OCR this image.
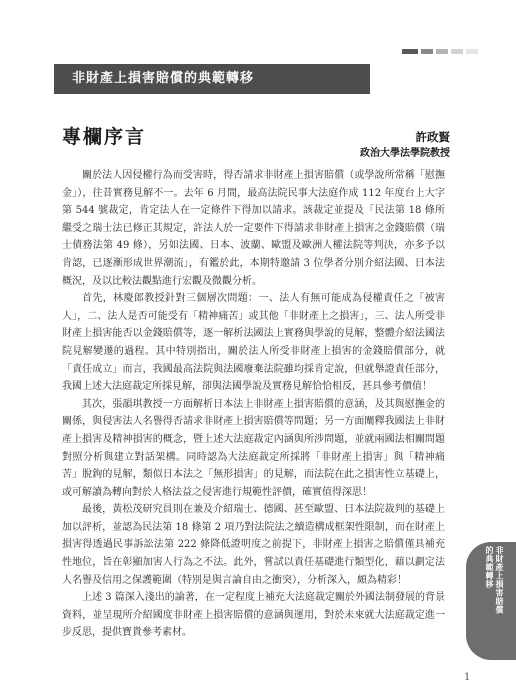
非財產上損害賠償的典範轉移
專欄序言	許政賢
政治大學法學院教授

關於法人因侵權行為而受害時，得否請求非財產上損害賠償（或學說所常稱「慰撫金」），往昔實務見解不一。去年 6 月間，最高法院民事大法庭作成 112 年度台上大字第 544 號裁定，肯定法人在一定條件下得加以請求。該裁定並提及「民法第 18 條所繼受之瑞士法已修正其規定，許法人於一定要件下得請求非財產上損害之金錢賠償（瑞士債務法第 49 條），另如法國、日本、波蘭、歐盟及歐洲人權法院等判決，亦多予以肯認，已逐漸形成世界潮流」，有鑑於此，本期特邀請 3 位學者分別介紹法國、日本法概況，及以比較法觀點進行宏觀及微觀分析。

首先，林慶郎教授針對三個層次問題：一、法人有無可能成為侵權責任之「被害人」，二、法人是否可能受有「精神痛苦」或其他「非財產上之損害」，三、法人所受非財產上損害能否以金錢賠償等，逐一解析法國法上實務與學說的見解，整體介紹法國法院見解變遷的過程。其中特別指出，關於法人所受非財產上損害的金錢賠償部分，就「責任成立」而言，我國最高法院與法國廢棄法院雖均採肯定說，但就舉證責任部分，我國上述大法庭裁定所採見解，卻與法國學說及實務見解恰恰相反，甚具參考價值！

其次，張韻琪教授一方面解析日本法上非財產上損害賠償的意涵，及其與慰撫金的關係，與侵害法人名譽得否請求非財產上損害賠償等問題；另一方面闡釋我國法上非財產上損害及精神損害的概念，暨上述大法庭裁定內涵與所涉問題，並就兩國法相關問題對照分析與建立對話架構。同時認為大法庭裁定所採將「非財產上損害」與「精神痛苦」脫鉤的見解，類似日本法之「無形損害」的見解，而法院在此之損害性立基礎上，或可解讀為轉向對於人格法益之侵害進行規範性評價，確實值得深思！

最後，黃松茂研究員則在兼及介紹瑞士、德國、甚至歐盟、日本法院裁判的基礎上加以評析，並認為民法第 18 條第 2 項乃對法院法之續造構成框架性限制，而在財產上損害得透過民事訴訟法第 222 條降低證明度之前提下，非財產上損害之賠償僅具補充性地位，旨在彰顯加害人行為之不法。此外，嘗試以責任基礎進行類型化，藉以劃定法人名譽及信用之保護範圍（特別是與言論自由之衝突），分析深入，頗為精彩！

上述 3 篇深入淺出的論著，在一定程度上補充大法庭裁定關於外國法制發展的背景資料，並呈現所介紹國度非財產上損害賠償的意涵與運用，對於未來就大法庭裁定進一步反思，提供寶貴參考素材。

非財產上損害賠償
的典範轉移
1
